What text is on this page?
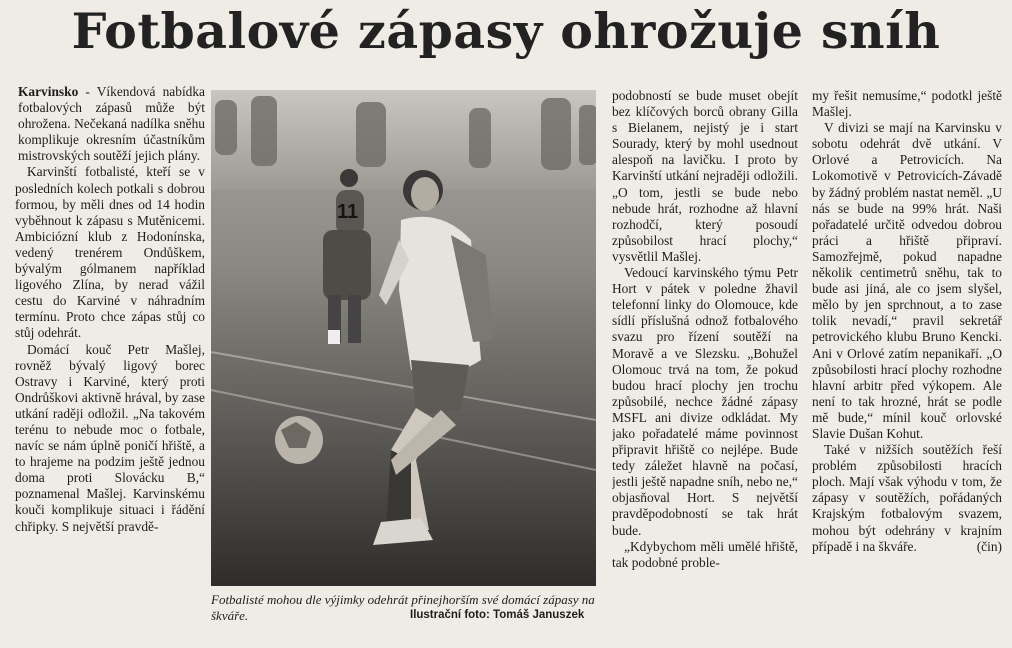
Fotbalové zápasy ohrožuje sníh

Karvinsko - Víkendová nabídka fotbalových zápasů může být ohrožena. Nečekaná nadílka sněhu komplikuje okresním účastníkům mistrovských soutěží jejich plány.

Karvinští fotbalisté, kteří se v posledních kolech potkali s dobrou formou, by měli dnes od 14 hodin vyběhnout k zápasu s Mutěnicemi. Ambiciózní klub z Hodonínska, vedený trenérem Ondůškem, bývalým gólmanem například ligového Zlína, by nerad vážil cestu do Karviné v náhradním termínu. Proto chce zápas stůj co stůj odehrát.

Domácí kouč Petr Mašlej, rovněž bývalý ligový borec Ostravy i Karviné, který proti Ondrůškovi aktivně hrával, by zase utkání raději odložil. „Na takovém terénu to nebude moc o fotbale, navíc se nám úplně poničí hřiště, a to hrajeme na podzim ještě jednou doma proti Slovácku B,“ poznamenal Mašlej. Karvinskému kouči komplikuje situaci i řádění chřipky. S největší pravdě-

11
Fotbalisté mohou dle výjimky odehrát přinejhorším své domácí zápasy na škváře.	Ilustrační foto: Tomáš Januszek

podobností se bude muset obejít bez klíčových borců obrany Gilla s Bielanem, nejistý je i start Sourady, který by mohl usednout alespoň na lavičku. I proto by Karvinští utkání nejraději odložili. „O tom, jestli se bude nebo nebude hrát, rozhodne až hlavní rozhodčí, který posoudí způsobilost hrací plochy,“ vysvětlil Mašlej.

Vedoucí karvinského týmu Petr Hort v pátek v poledne žhavil telefonní linky do Olomouce, kde sídlí příslušná odnož fotbalového svazu pro řízení soutěží na Moravě a ve Slezsku. „Bohužel Olomouc trvá na tom, že pokud budou hrací plochy jen trochu způsobilé, nechce žádné zápasy MSFL ani divize odkládat. My jako pořadatelé máme povinnost připravit hřiště co nejlépe. Bude tedy záležet hlavně na počasí, jestli ještě napadne sníh, nebo ne,“ objasňoval Hort. S největší pravděpodobností se tak hrát bude.

„Kdybychom měli umělé hřiště, tak podobné proble-

my řešit nemusíme,“ podotkl ještě Mašlej.

V divizi se mají na Karvinsku v sobotu odehrát dvě utkání. V Orlové a Petrovicích. Na Lokomotivě v Petrovicích-Závadě by žádný problém nastat neměl. „U nás se bude na 99% hrát. Naši pořadatelé určitě odvedou dobrou práci a hřiště připraví. Samozřejmě, pokud napadne několik centimetrů sněhu, tak to bude asi jiná, ale co jsem slyšel, mělo by jen sprchnout, a to zase tolik nevadí,“ pravil sekretář petrovického klubu Bruno Kencki. Ani v Orlové zatím nepanikaří. „O způsobilosti hrací plochy rozhodne hlavní arbitr před výkopem. Ale není to tak hrozné, hrát se podle mě bude,“ mínil kouč orlovské Slavie Dušan Kohut.

Také v nižších soutěžích řeší problém způsobilosti hracích ploch. Mají však výhodu v tom, že zápasy v soutěžích, pořádaných Krajským fotbalovým svazem, mohou být odehrány v krajním případě i na škváře.	(čin)
